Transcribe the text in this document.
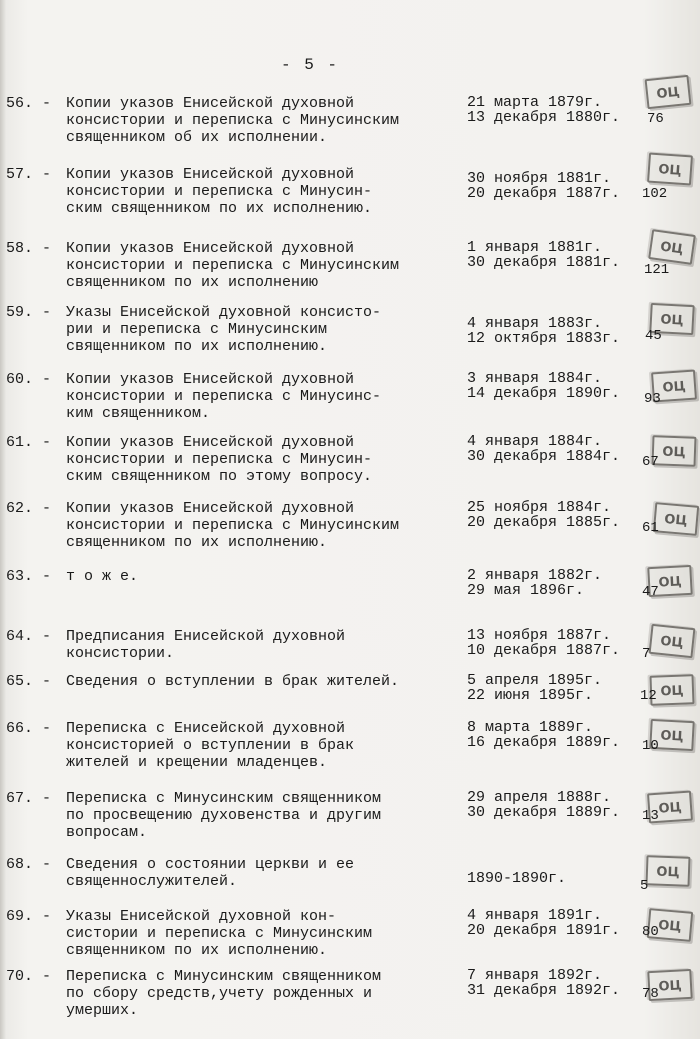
- 5 -
56. - Копии указов Енисейской духовной
консистории и переписка с Минусинским
священником об их исполнении.
21 марта 1879г.
13 декабря 1880г.
ОЦ
76
57. - Копии указов Енисейской духовной
консистории и переписка с Минусин-
ским священником по их исполнению.
30 ноября 1881г.
20 декабря 1887г.
ОЦ
102
58. - Копии указов Енисейской духовной
консистории и переписка с Минусинским
священником по их исполнению
1 января 1881г.
30 декабря 1881г.
ОЦ
121
59. - Указы Енисейской духовной консисто-
рии и переписка с Минусинским
священником по их исполнению.
4 января 1883г.
12 октября 1883г.
ОЦ
45
60. - Копии указов Енисейской духовной
консистории и переписка с Минусинс-
ким священником.
3 января 1884г.
14 декабря 1890г.	ОЦ
93
61. - Копии указов Енисейской духовной
консистории и переписка с Минусин-
ским священником по этому вопросу.
4 января 1884г.
30 декабря 1884г.	ОЦ
67
62. - Копии указов Енисейской духовной
консистории и переписка с Минусинским
священником по их исполнению.
25 ноября 1884г.
20 декабря 1885г.	ОЦ
61
63. - т о ж е.	2 января 1882г.
29 мая 1896г.	ОЦ
47
64. - Предписания Енисейской духовной
консистории.
13 ноября 1887г.
10 декабря 1887г.	ОЦ
7
65. - Сведения о вступлении в брак жителей.	5 апреля 1895г.
22 июня 1895г.	ОЦ
12
66. - Переписка с Енисейской духовной
консисторией о вступлении в брак
жителей и крещении младенцев.
8 марта 1889г.
16 декабря 1889г.	ОЦ
10
67. - Переписка с Минусинским священником
по просвещению духовенства и другим
вопросам.
29 апреля 1888г.
30 декабря 1889г.	ОЦ
13
68. - Сведения о состоянии церкви и ее
священнослужителей.	1890-1890г.	ОЦ
5
69. - Указы Енисейской духовной кон-
систории и переписка с Минусинским
священником по их исполнению.
4 января 1891г.
20 декабря 1891г.	ОЦ
80
70. - Переписка с Минусинским священником
по сбору средств,учету рожденных и
умерших.
7 января 1892г.
31 декабря 1892г.	ОЦ
78
